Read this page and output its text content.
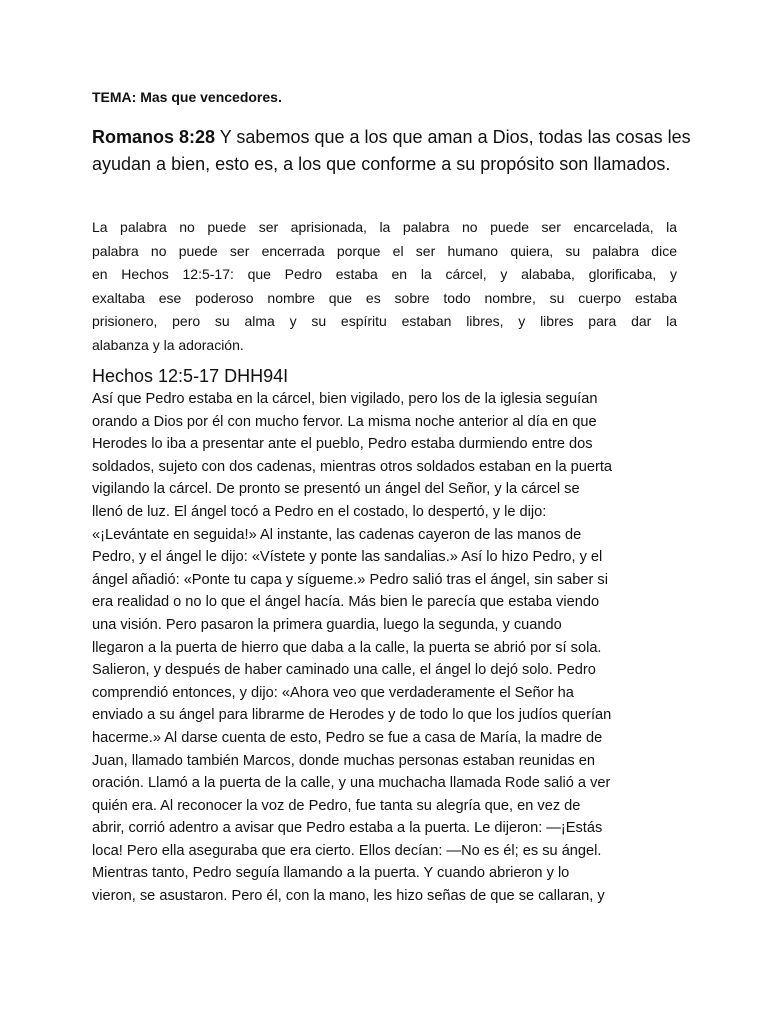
TEMA: Mas que vencedores.
Romanos 8:28 Y sabemos que a los que aman a Dios, todas las cosas les
ayudan a bien, esto es, a los que conforme a su propósito son llamados.
La palabra no puede ser aprisionada, la palabra no puede ser encarcelada, la
palabra no puede ser encerrada porque el ser humano quiera, su palabra dice
en Hechos 12:5-17: que Pedro estaba en la cárcel, y alababa, glorificaba, y
exaltaba ese poderoso nombre que es sobre todo nombre, su cuerpo estaba
prisionero, pero su alma y su espíritu estaban libres, y libres para dar la
alabanza y la adoración.
Hechos 12:5-17 DHH94I
Así que Pedro estaba en la cárcel, bien vigilado, pero los de la iglesia seguían
orando a Dios por él con mucho fervor. La misma noche anterior al día en que
Herodes lo iba a presentar ante el pueblo, Pedro estaba durmiendo entre dos
soldados, sujeto con dos cadenas, mientras otros soldados estaban en la puerta
vigilando la cárcel. De pronto se presentó un ángel del Señor, y la cárcel se
llenó de luz. El ángel tocó a Pedro en el costado, lo despertó, y le dijo:
«¡Levántate en seguida!» Al instante, las cadenas cayeron de las manos de
Pedro, y el ángel le dijo: «Vístete y ponte las sandalias.» Así lo hizo Pedro, y el
ángel añadió: «Ponte tu capa y sígueme.» Pedro salió tras el ángel, sin saber si
era realidad o no lo que el ángel hacía. Más bien le parecía que estaba viendo
una visión. Pero pasaron la primera guardia, luego la segunda, y cuando
llegaron a la puerta de hierro que daba a la calle, la puerta se abrió por sí sola.
Salieron, y después de haber caminado una calle, el ángel lo dejó solo. Pedro
comprendió entonces, y dijo: «Ahora veo que verdaderamente el Señor ha
enviado a su ángel para librarme de Herodes y de todo lo que los judíos querían
hacerme.» Al darse cuenta de esto, Pedro se fue a casa de María, la madre de
Juan, llamado también Marcos, donde muchas personas estaban reunidas en
oración. Llamó a la puerta de la calle, y una muchacha llamada Rode salió a ver
quién era. Al reconocer la voz de Pedro, fue tanta su alegría que, en vez de
abrir, corrió adentro a avisar que Pedro estaba a la puerta. Le dijeron: —¡Estás
loca! Pero ella aseguraba que era cierto. Ellos decían: —No es él; es su ángel.
Mientras tanto, Pedro seguía llamando a la puerta. Y cuando abrieron y lo
vieron, se asustaron. Pero él, con la mano, les hizo señas de que se callaran, y
